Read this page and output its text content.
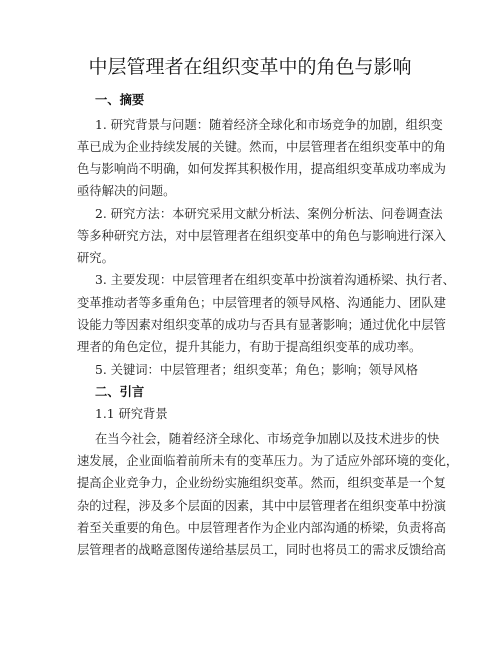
中层管理者在组织变革中的角色与影响
一、摘要
1. 研究背景与问题：随着经济全球化和市场竞争的加剧，组织变
革已成为企业持续发展的关键。然而，中层管理者在组织变革中的角
色与影响尚不明确，如何发挥其积极作用，提高组织变革成功率成为
亟待解决的问题。
2. 研究方法：本研究采用文献分析法、案例分析法、问卷调查法
等多种研究方法，对中层管理者在组织变革中的角色与影响进行深入
研究。
3. 主要发现：中层管理者在组织变革中扮演着沟通桥梁、执行者、
变革推动者等多重角色；中层管理者的领导风格、沟通能力、团队建
设能力等因素对组织变革的成功与否具有显著影响；通过优化中层管
理者的角色定位，提升其能力，有助于提高组织变革的成功率。
5. 关键词：中层管理者；组织变革；角色；影响；领导风格
二、引言
1.1 研究背景
在当今社会，随着经济全球化、市场竞争加剧以及技术进步的快
速发展，企业面临着前所未有的变革压力。为了适应外部环境的变化，
提高企业竞争力，企业纷纷实施组织变革。然而，组织变革是一个复
杂的过程，涉及多个层面的因素，其中中层管理者在组织变革中扮演
着至关重要的角色。中层管理者作为企业内部沟通的桥梁，负责将高
层管理者的战略意图传递给基层员工，同时也将员工的需求反馈给高
